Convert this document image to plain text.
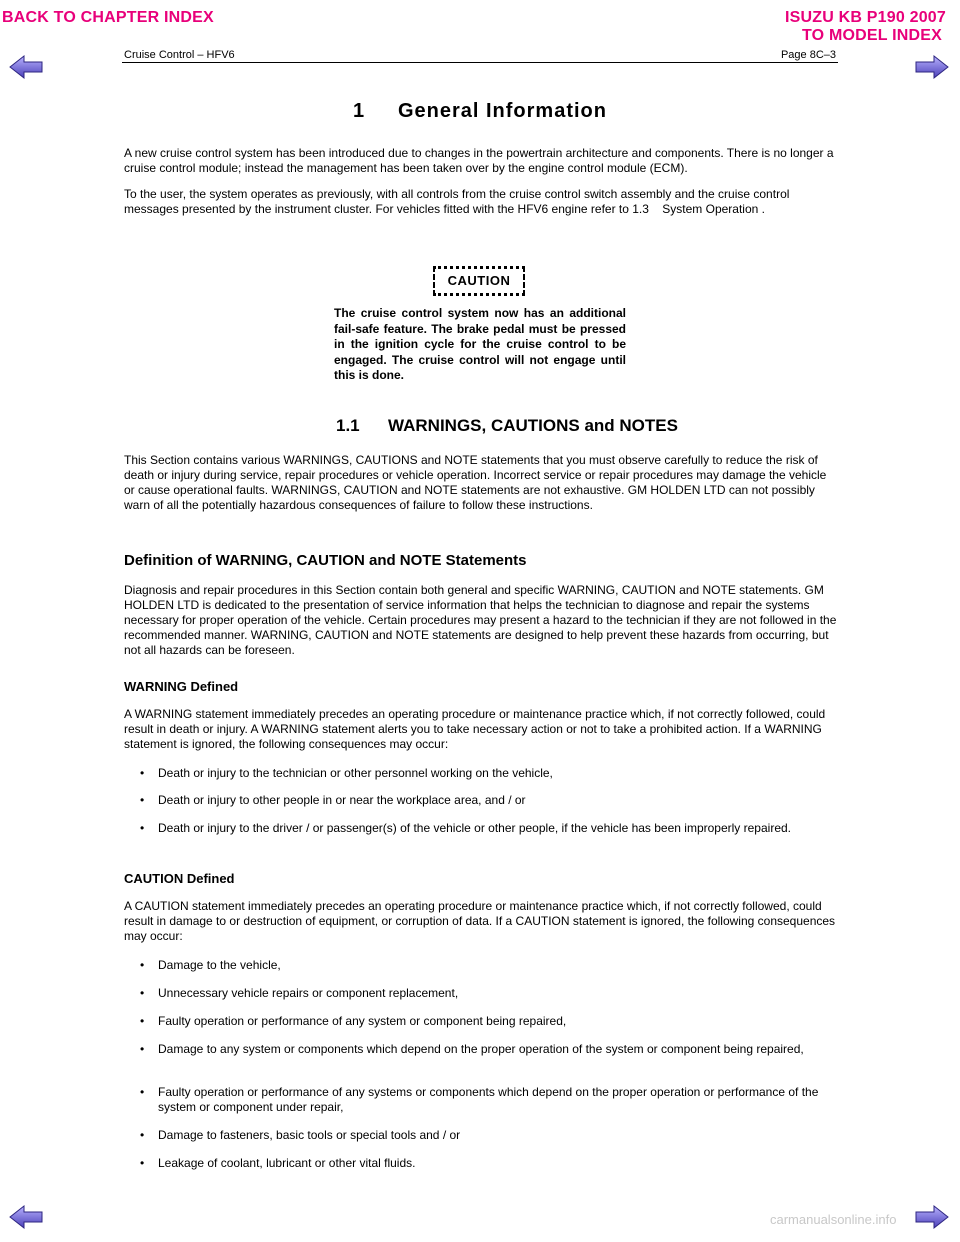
BACK TO CHAPTER INDEX	ISUZU KB P190 2007
TO MODEL INDEX
Cruise Control – HFV6	Page 8C–3
1     General Information
A new cruise control system has been introduced due to changes in the powertrain architecture and components. There is no longer a cruise control module; instead the management has been taken over by the engine control module (ECM).
To the user, the system operates as previously, with all controls from the cruise control switch assembly and the cruise control messages presented by the instrument cluster. For vehicles fitted with the HFV6 engine refer to 1.3    System Operation .
CAUTION
The cruise control system now has an additional fail-safe feature. The brake pedal must be pressed in the ignition cycle for the cruise control to be engaged. The cruise control will not engage until this is done.
1.1 WARNINGS, CAUTIONS and NOTES
This Section contains various WARNINGS, CAUTIONS and NOTE statements that you must observe carefully to reduce the risk of death or injury during service, repair procedures or vehicle operation. Incorrect service or repair procedures may damage the vehicle or cause operational faults. WARNINGS, CAUTION and NOTE statements are not exhaustive. GM HOLDEN LTD can not possibly warn of all the potentially hazardous consequences of failure to follow these instructions.
Definition of WARNING, CAUTION and NOTE Statements
Diagnosis and repair procedures in this Section contain both general and specific WARNING, CAUTION and NOTE statements. GM HOLDEN LTD is dedicated to the presentation of service information that helps the technician to diagnose and repair the systems necessary for proper operation of the vehicle. Certain procedures may present a hazard to the technician if they are not followed in the recommended manner. WARNING, CAUTION and NOTE statements are designed to help prevent these hazards from occurring, but not all hazards can be foreseen.
WARNING Defined
A WARNING statement immediately precedes an operating procedure or maintenance practice which, if not correctly followed, could result in death or injury. A WARNING statement alerts you to take necessary action or not to take a prohibited action. If a WARNING statement is ignored, the following consequences may occur:
• Death or injury to the technician or other personnel working on the vehicle,
• Death or injury to other people in or near the workplace area, and / or
• Death or injury to the driver / or passenger(s) of the vehicle or other people, if the vehicle has been improperly repaired.
CAUTION Defined
A CAUTION statement immediately precedes an operating procedure or maintenance practice which, if not correctly followed, could result in damage to or destruction of equipment, or corruption of data. If a CAUTION statement is ignored, the following consequences may occur:
• Damage to the vehicle,
• Unnecessary vehicle repairs or component replacement,
• Faulty operation or performance of any system or component being repaired,
• Damage to any system or components which depend on the proper operation of the system or component being repaired,
• Faulty operation or performance of any systems or components which depend on the proper operation or performance of the system or component under repair,
• Damage to fasteners, basic tools or special tools and / or
• Leakage of coolant, lubricant or other vital fluids.
carmanualsonline.info
